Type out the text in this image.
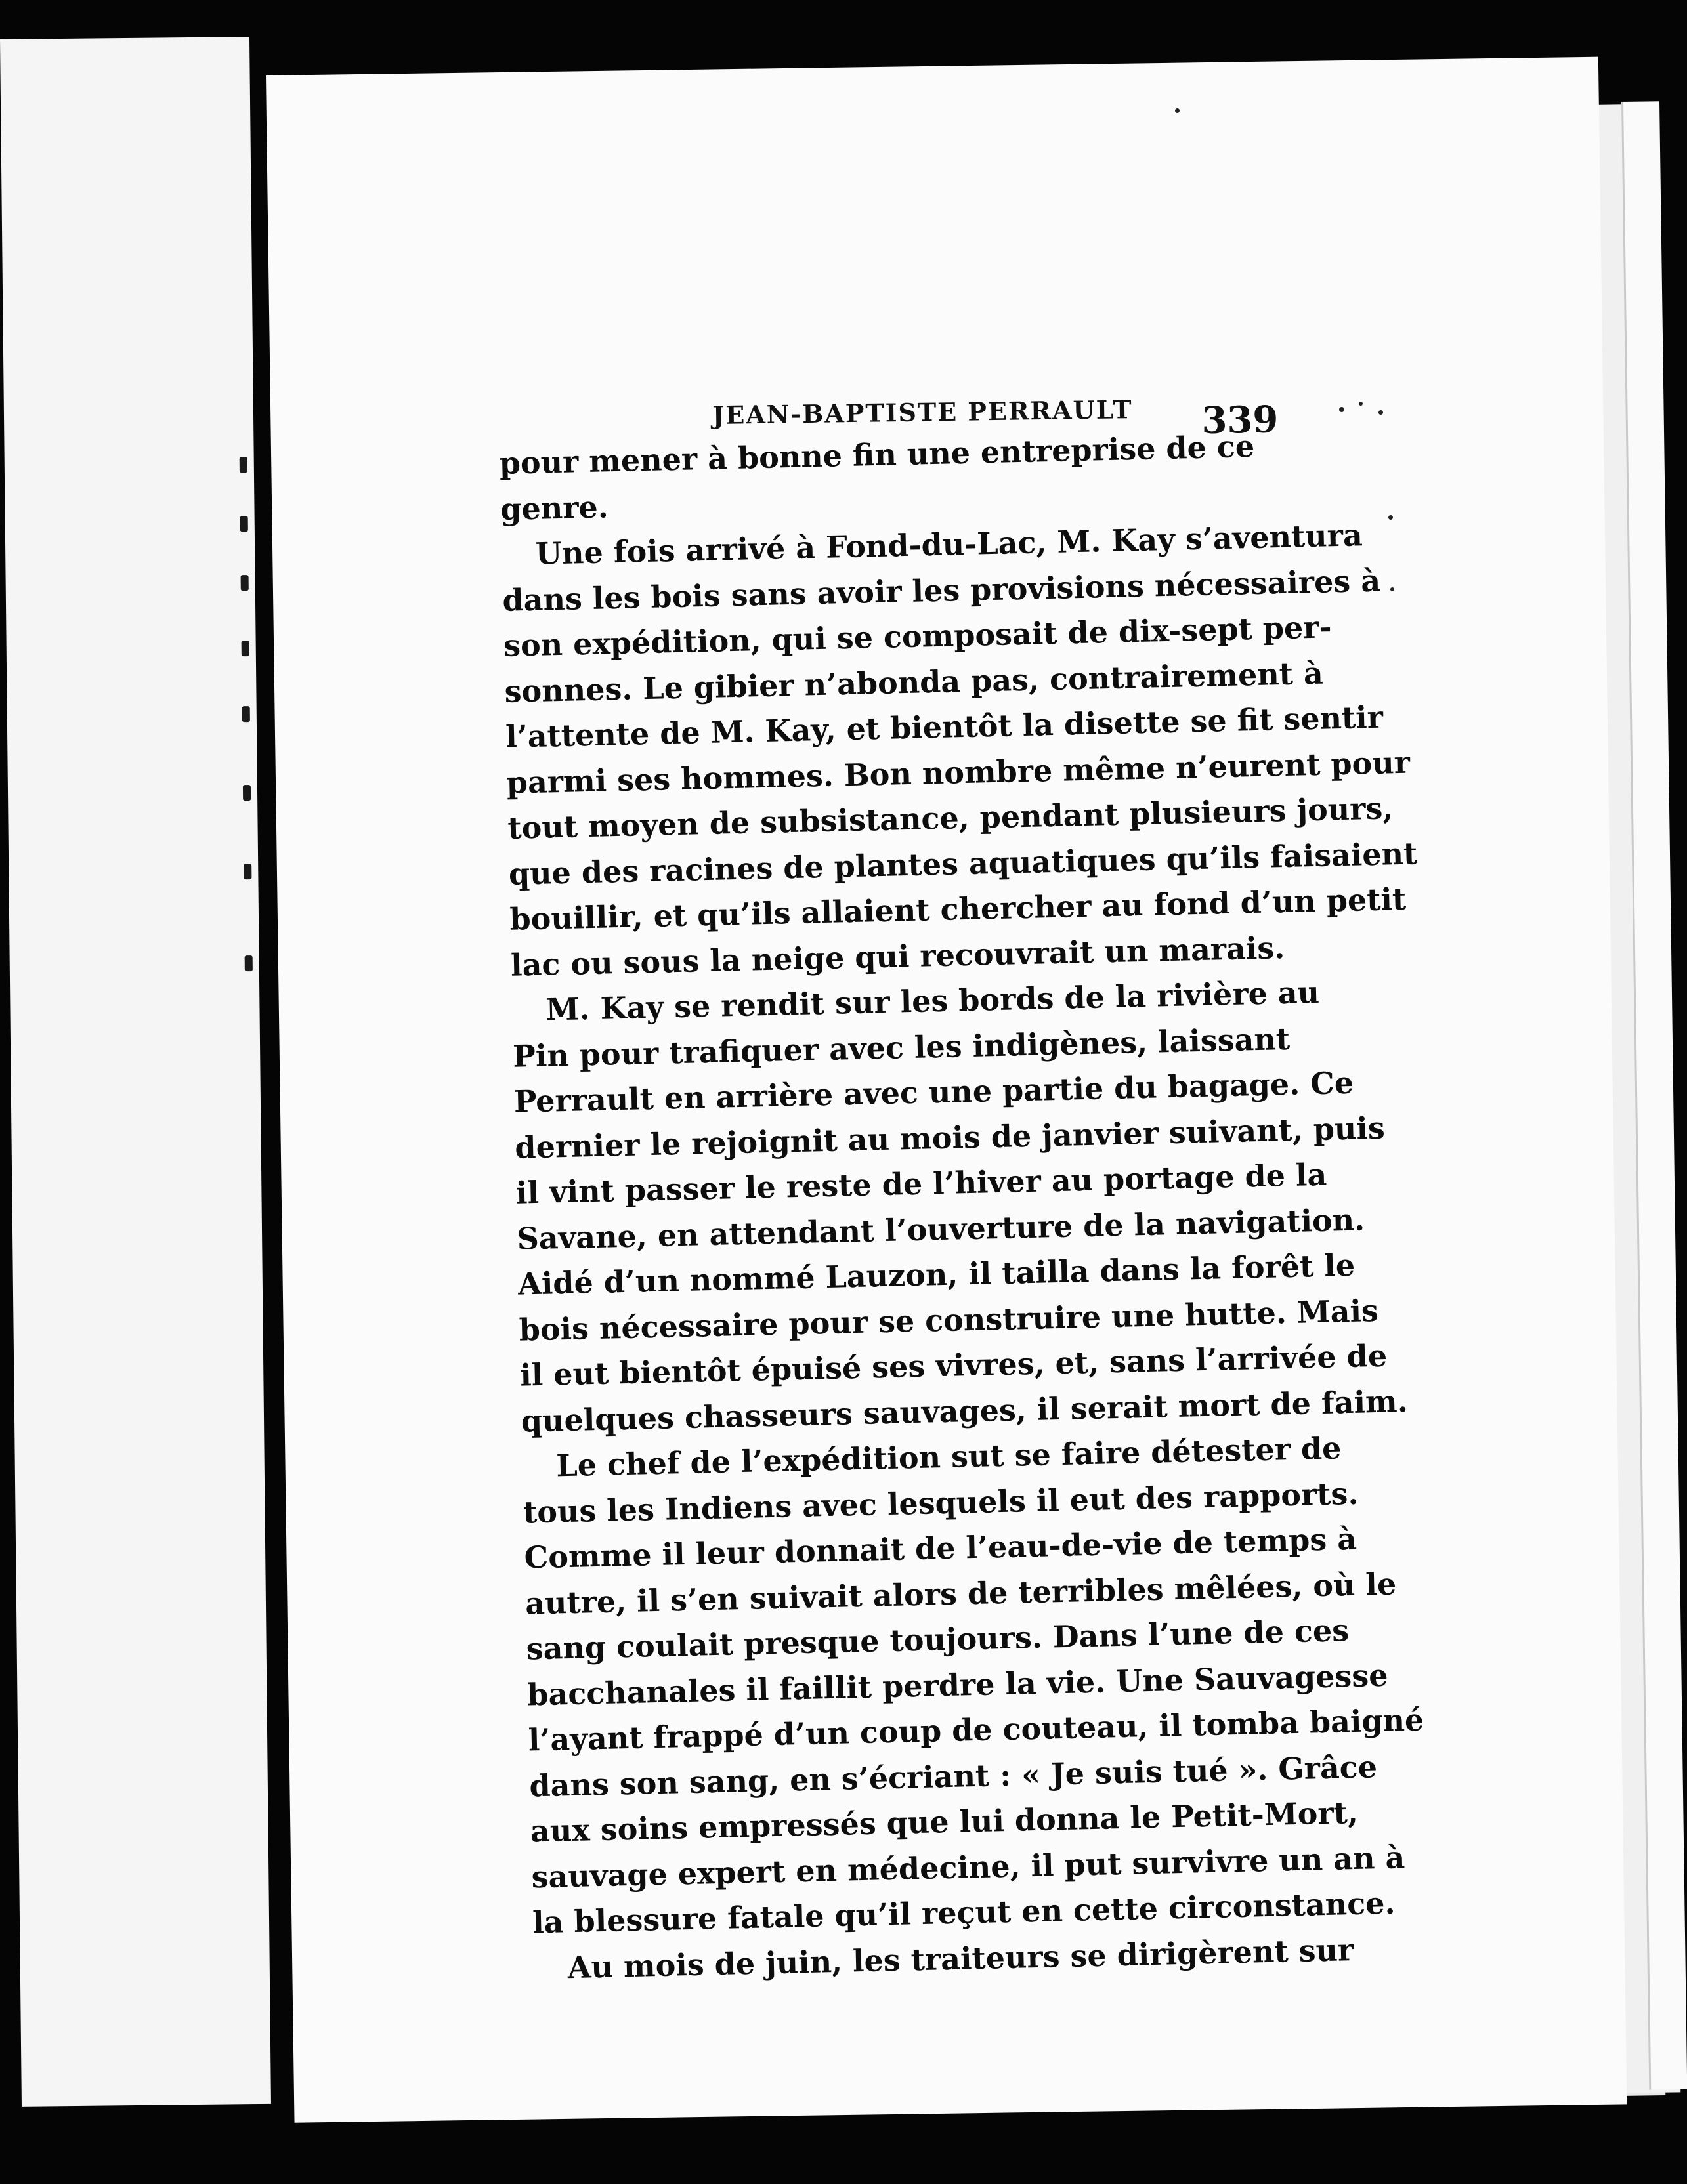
JEAN-BAPTISTE PERRAULT 339
pour mener à bonne fin une entreprise de ce
genre.
Une fois arrivé à Fond-du-Lac, M. Kay s’aventura
dans les bois sans avoir les provisions nécessaires à
son expédition, qui se composait de dix-sept per-
sonnes. Le gibier n’abonda pas, contrairement à
l’attente de M. Kay, et bientôt la disette se fit sentir
parmi ses hommes. Bon nombre même n’eurent pour
tout moyen de subsistance, pendant plusieurs jours,
que des racines de plantes aquatiques qu’ils faisaient
bouillir, et qu’ils allaient chercher au fond d’un petit
lac ou sous la neige qui recouvrait un marais.
M. Kay se rendit sur les bords de la rivière au
Pin pour trafiquer avec les indigènes, laissant
Perrault en arrière avec une partie du bagage. Ce
dernier le rejoignit au mois de janvier suivant, puis
il vint passer le reste de l’hiver au portage de la
Savane, en attendant l’ouverture de la navigation.
Aidé d’un nommé Lauzon, il tailla dans la forêt le
bois nécessaire pour se construire une hutte. Mais
il eut bientôt épuisé ses vivres, et, sans l’arrivée de
quelques chasseurs sauvages, il serait mort de faim.
Le chef de l’expédition sut se faire détester de
tous les Indiens avec lesquels il eut des rapports.
Comme il leur donnait de l’eau-de-vie de temps à
autre, il s’en suivait alors de terribles mêlées, où le
sang coulait presque toujours. Dans l’une de ces
bacchanales il faillit perdre la vie. Une Sauvagesse
l’ayant frappé d’un coup de couteau, il tomba baigné
dans son sang, en s’écriant : « Je suis tué ». Grâce
aux soins empressés que lui donna le Petit-Mort,
sauvage expert en médecine, il put survivre un an à
la blessure fatale qu’il reçut en cette circonstance.
Au mois de juin, les traiteurs se dirigèrent sur
